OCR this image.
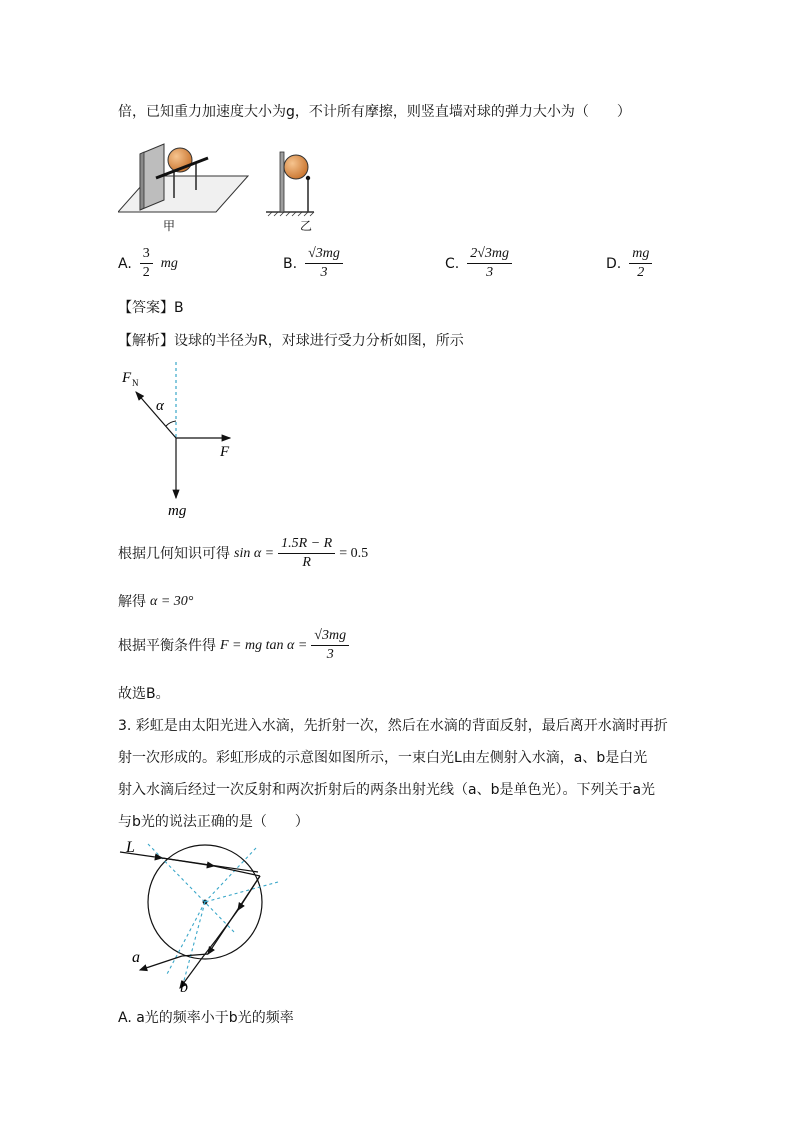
倍，已知重力加速度大小为g，不计所有摩擦，则竖直墙对球的弹力大小为（　　）
甲	乙
A. $\frac{3}{2}$ mg	B. $\frac{√3mg}{3}$	C. $\frac{2√3mg}{3}$	D. $\frac{mg}{2}$
【答案】B
【解析】设球的半径为R，对球进行受力分析如图，所示
F N
α
F
mg
根据几何知识可得 $\sin \alpha = \frac{1.5R - R}{R} = 0.5$
解得 α = 30°
根据平衡条件得 F = mg $\tan \alpha = \frac{√3mg}{3}$
故选B。
3. 彩虹是由太阳光进入水滴，先折射一次，然后在水滴的背面反射，最后离开水滴时再折
射一次形成的。彩虹形成的示意图如图所示，一束白光L由左侧射入水滴，a、b是白光
射入水滴后经过一次反射和两次折射后的两条出射光线（a、b是单色光）。下列关于a光
与b光的说法正确的是（　　）
L
a
b
A. a光的频率小于b光的频率
